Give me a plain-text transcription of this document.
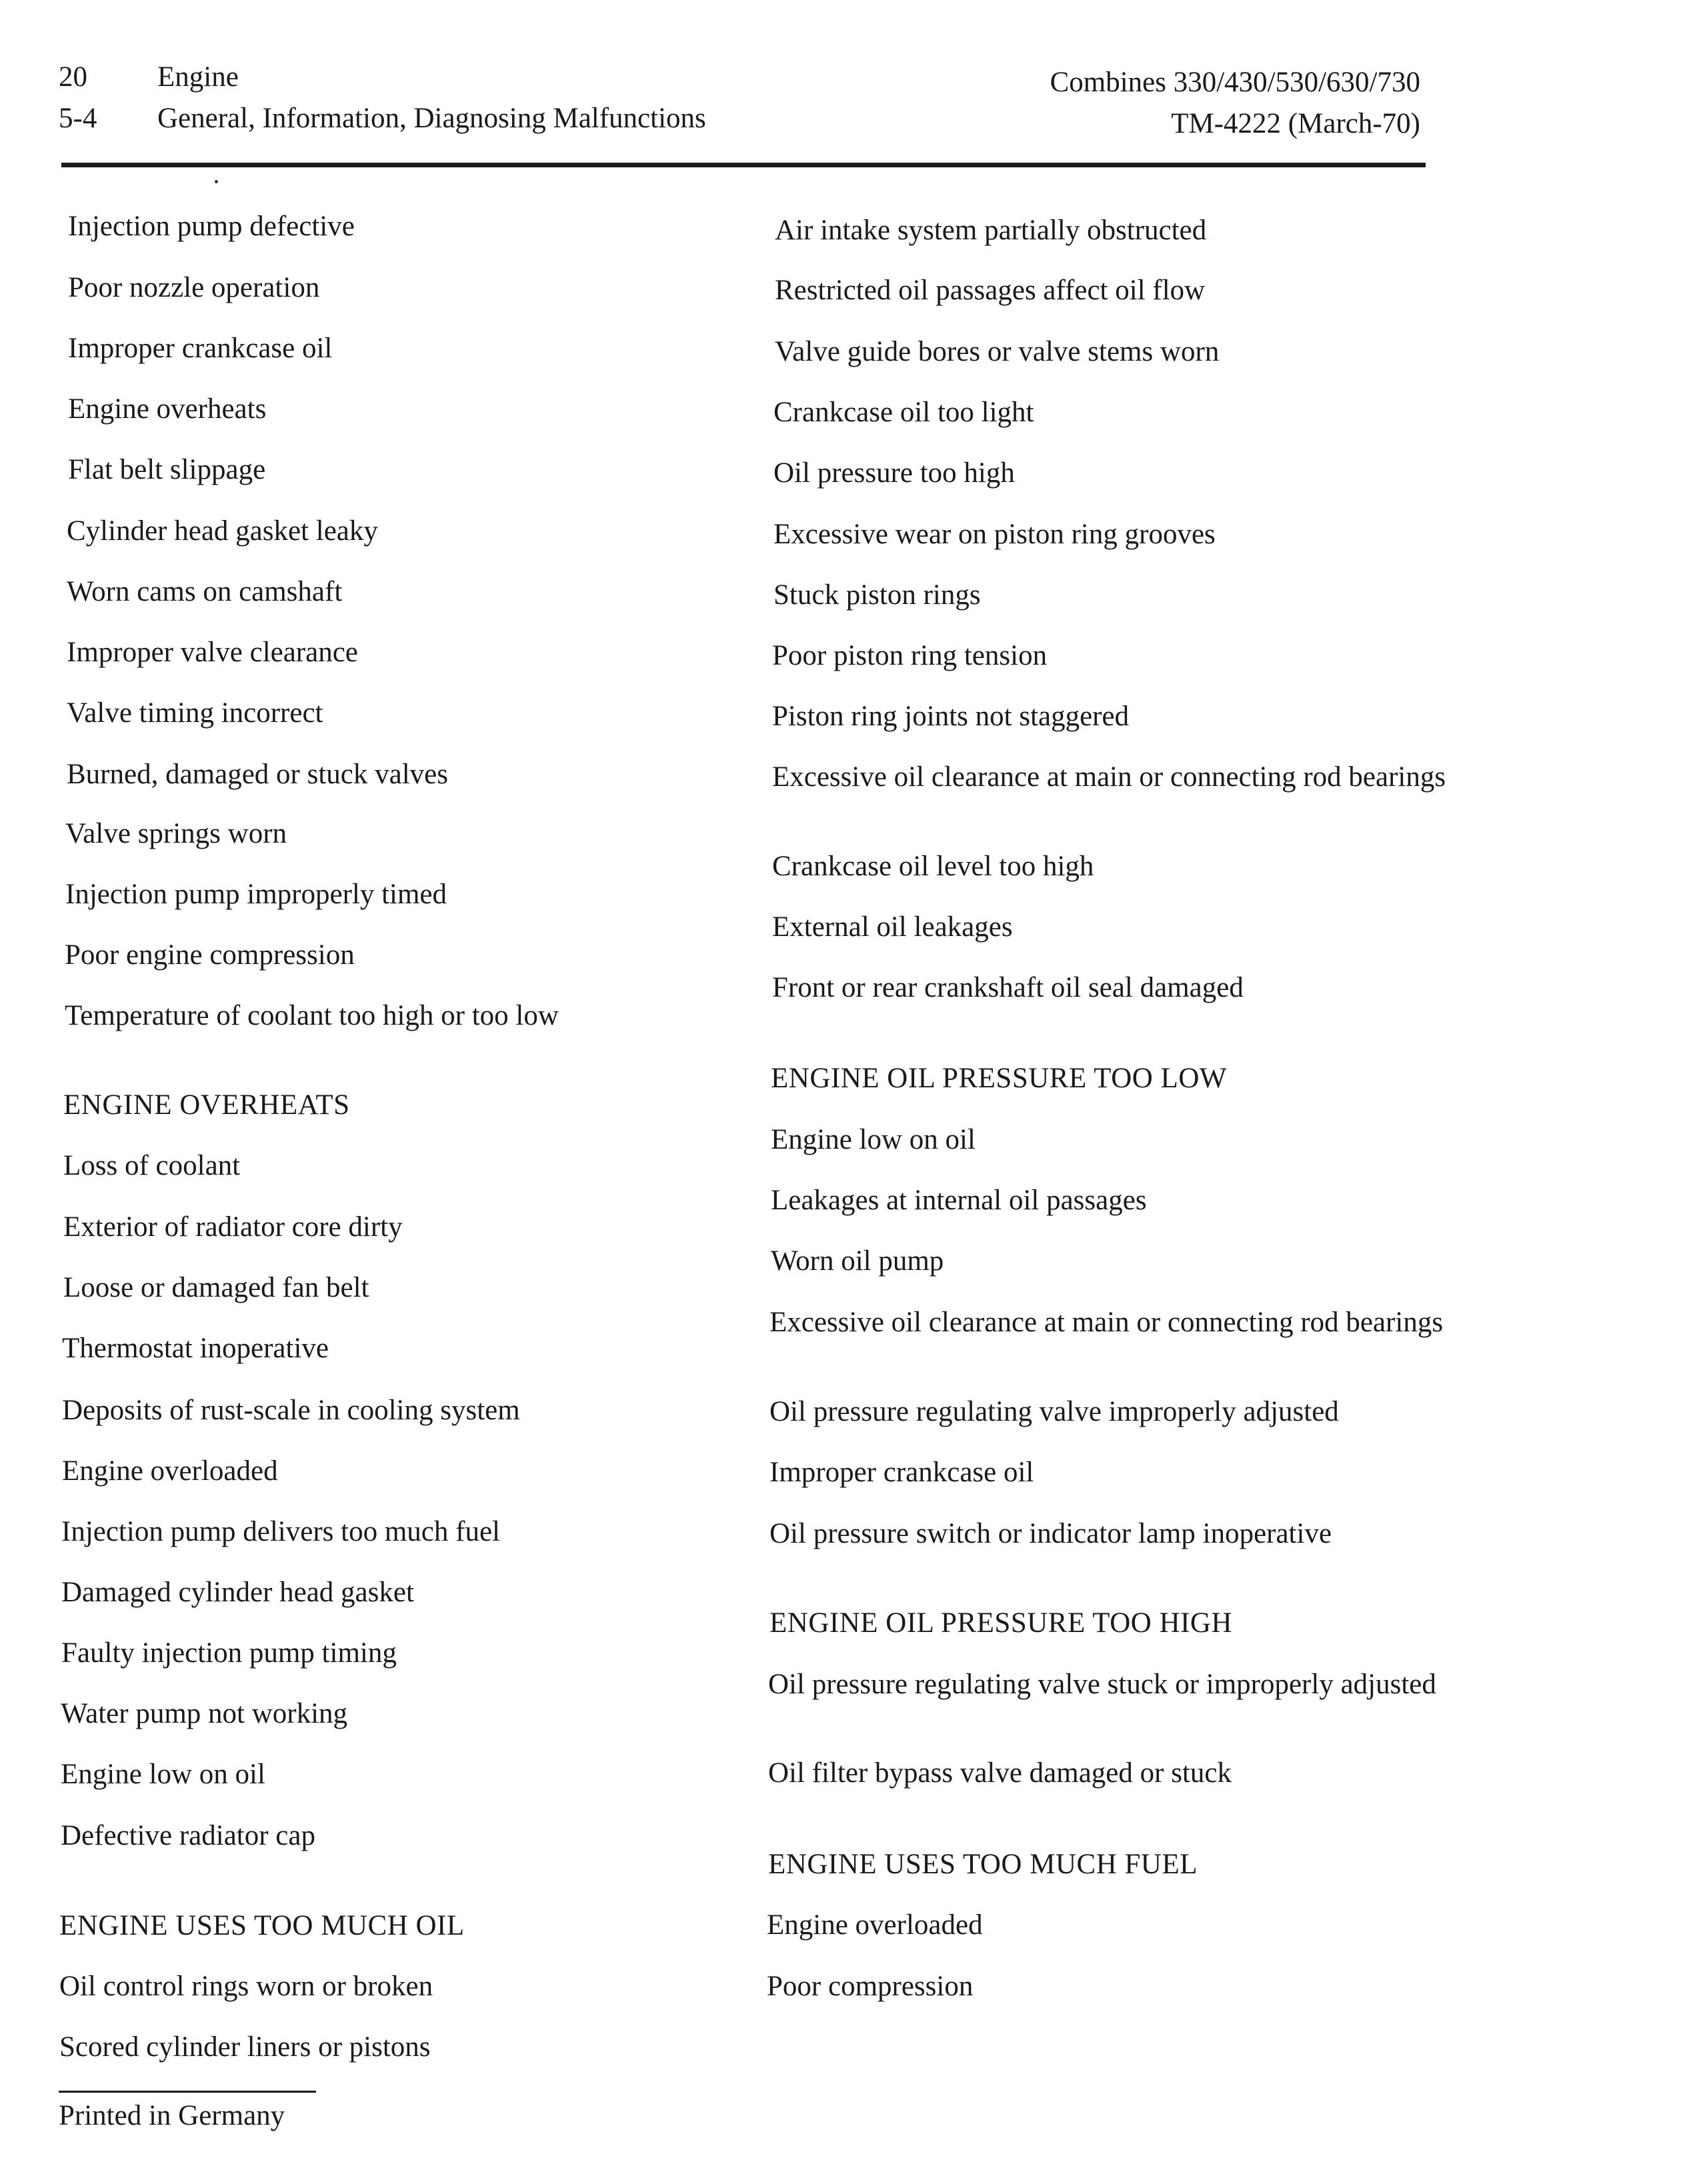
20 Engine
5-4 General, Information, Diagnosing Malfunctions
Combines 330/430/530/630/730
TM-4222 (March-70)
Injection pump defective
Poor nozzle operation
Improper crankcase oil
Engine overheats
Flat belt slippage
Cylinder head gasket leaky
Worn cams on camshaft
Improper valve clearance
Valve timing incorrect
Burned, damaged or stuck valves
Valve springs worn
Injection pump improperly timed
Poor engine compression
Temperature of coolant too high or too low
ENGINE OVERHEATS
Loss of coolant
Exterior of radiator core dirty
Loose or damaged fan belt
Thermostat inoperative
Deposits of rust-scale in cooling system
Engine overloaded
Injection pump delivers too much fuel
Damaged cylinder head gasket
Faulty injection pump timing
Water pump not working
Engine low on oil
Defective radiator cap
ENGINE USES TOO MUCH OIL
Oil control rings worn or broken
Scored cylinder liners or pistons
Air intake system partially obstructed
Restricted oil passages affect oil flow
Valve guide bores or valve stems worn
Crankcase oil too light
Oil pressure too high
Excessive wear on piston ring grooves
Stuck piston rings
Poor piston ring tension
Piston ring joints not staggered
Excessive oil clearance at main or connecting rod bearings
Crankcase oil level too high
External oil leakages
Front or rear crankshaft oil seal damaged
ENGINE OIL PRESSURE TOO LOW
Engine low on oil
Leakages at internal oil passages
Worn oil pump
Excessive oil clearance at main or connecting rod bearings
Oil pressure regulating valve improperly adjusted
Improper crankcase oil
Oil pressure switch or indicator lamp inoperative
ENGINE OIL PRESSURE TOO HIGH
Oil pressure regulating valve stuck or improperly adjusted
Oil filter bypass valve damaged or stuck
ENGINE USES TOO MUCH FUEL
Engine overloaded
Poor compression
Printed in Germany
